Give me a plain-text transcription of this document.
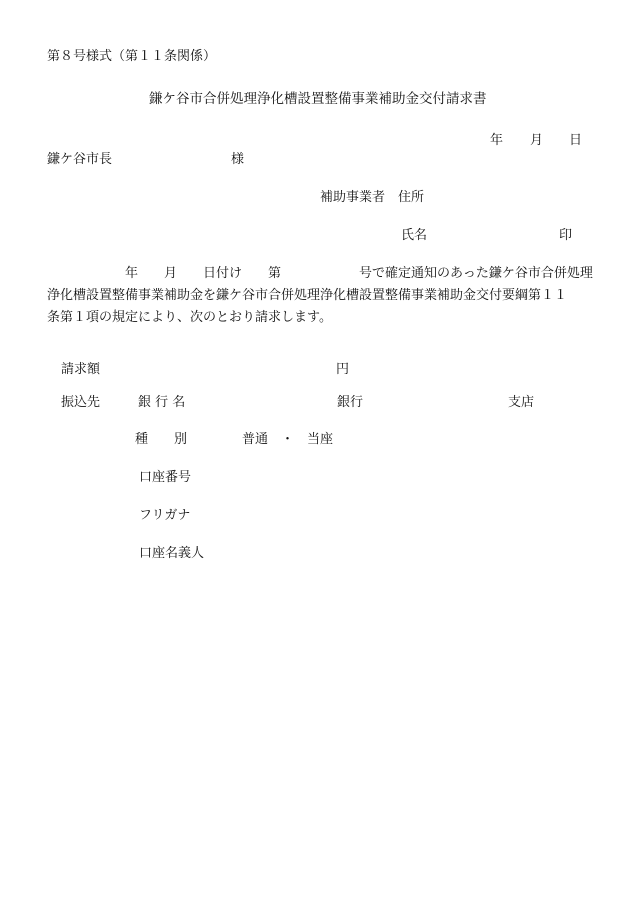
第８号様式（第１１条関係）
鎌ケ谷市合併処理浄化槽設置整備事業補助金交付請求書
年 月 日
鎌ケ谷市長	様
補助事業者 住所
氏名	印
　　　　　　年　　月　　日付け　　第　　　　　　号で確定通知のあった鎌ケ谷市合併処理
浄化槽設置整備事業補助金を鎌ケ谷市合併処理浄化槽設置整備事業補助金交付要綱第１１
条第１項の規定により、次のとおり請求します。
請求額	円
振込先	銀 行 名	銀行	支店
種　　別	普通　・　当座
口座番号
フリガナ
口座名義人
